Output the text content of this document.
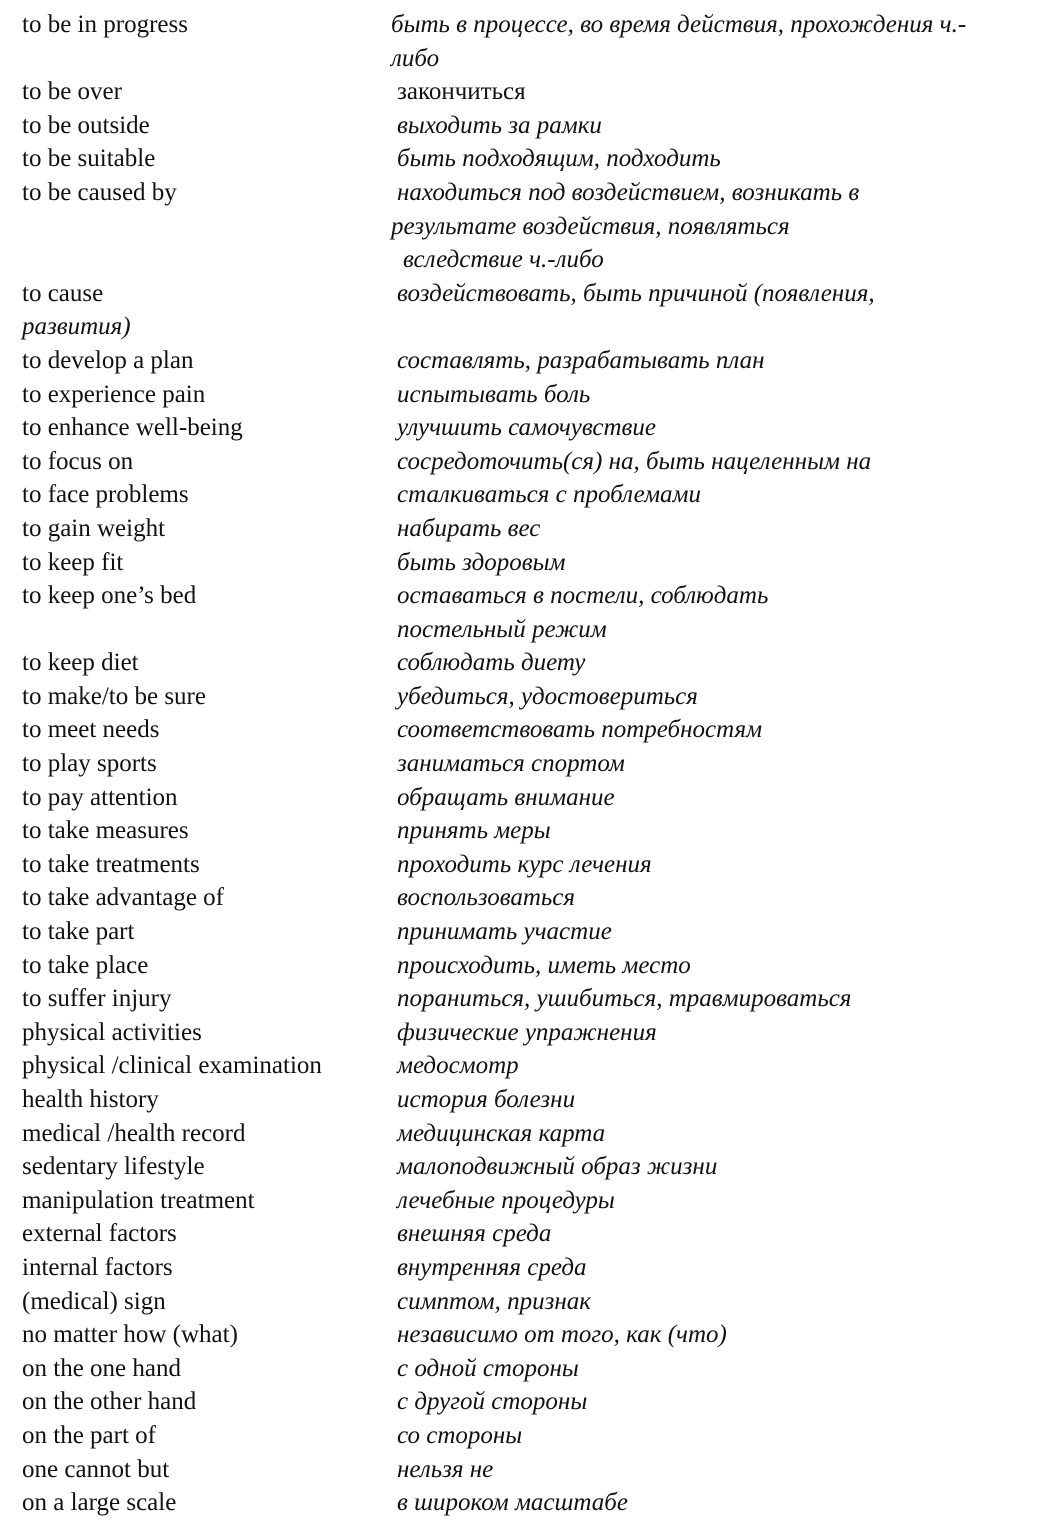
to be in progress	быть в процессе, во время действия, прохождения ч.-
либо
to be over	закончиться
to be outside	выходить за рамки
to be suitable	быть подходящим, подходить
to be caused by	находиться под воздействием, возникать в
результате воздействия, появляться
вследствие ч.-либо
to cause	воздействовать, быть причиной (появления,
развития)
to develop a plan	составлять, разрабатывать план
to experience pain	испытывать боль
to enhance well-being	улучшить самочувствие
to focus on	сосредоточить(ся) на, быть нацеленным на
to face problems	сталкиваться с проблемами
to gain weight	набирать вес
to keep fit	быть здоровым
to keep one’s bed	оставаться в постели, соблюдать
постельный режим
to keep diet	соблюдать диету
to make/to be sure	убедиться, удостовериться
to meet needs	соответствовать потребностям
to play sports	заниматься спортом
to pay attention	обращать внимание
to take measures	принять меры
to take treatments	проходить курс лечения
to take advantage of	воспользоваться
to take part	принимать участие
to take place	происходить, иметь место
to suffer injury	пораниться, ушибиться, травмироваться
physical activities	физические упражнения
physical /clinical examination	медосмотр
health history	история болезни
medical /health record	медицинская карта
sedentary lifestyle	малоподвижный образ жизни
manipulation treatment	лечебные процедуры
external factors	внешняя среда
internal factors	внутренняя среда
(medical) sign	симптом, признак
no matter how (what)	независимо от того, как (что)
on the one hand	с одной стороны
on the other hand	с другой стороны
on the part of	со стороны
one cannot but	нельзя не
on a large scale	в широком масштабе
